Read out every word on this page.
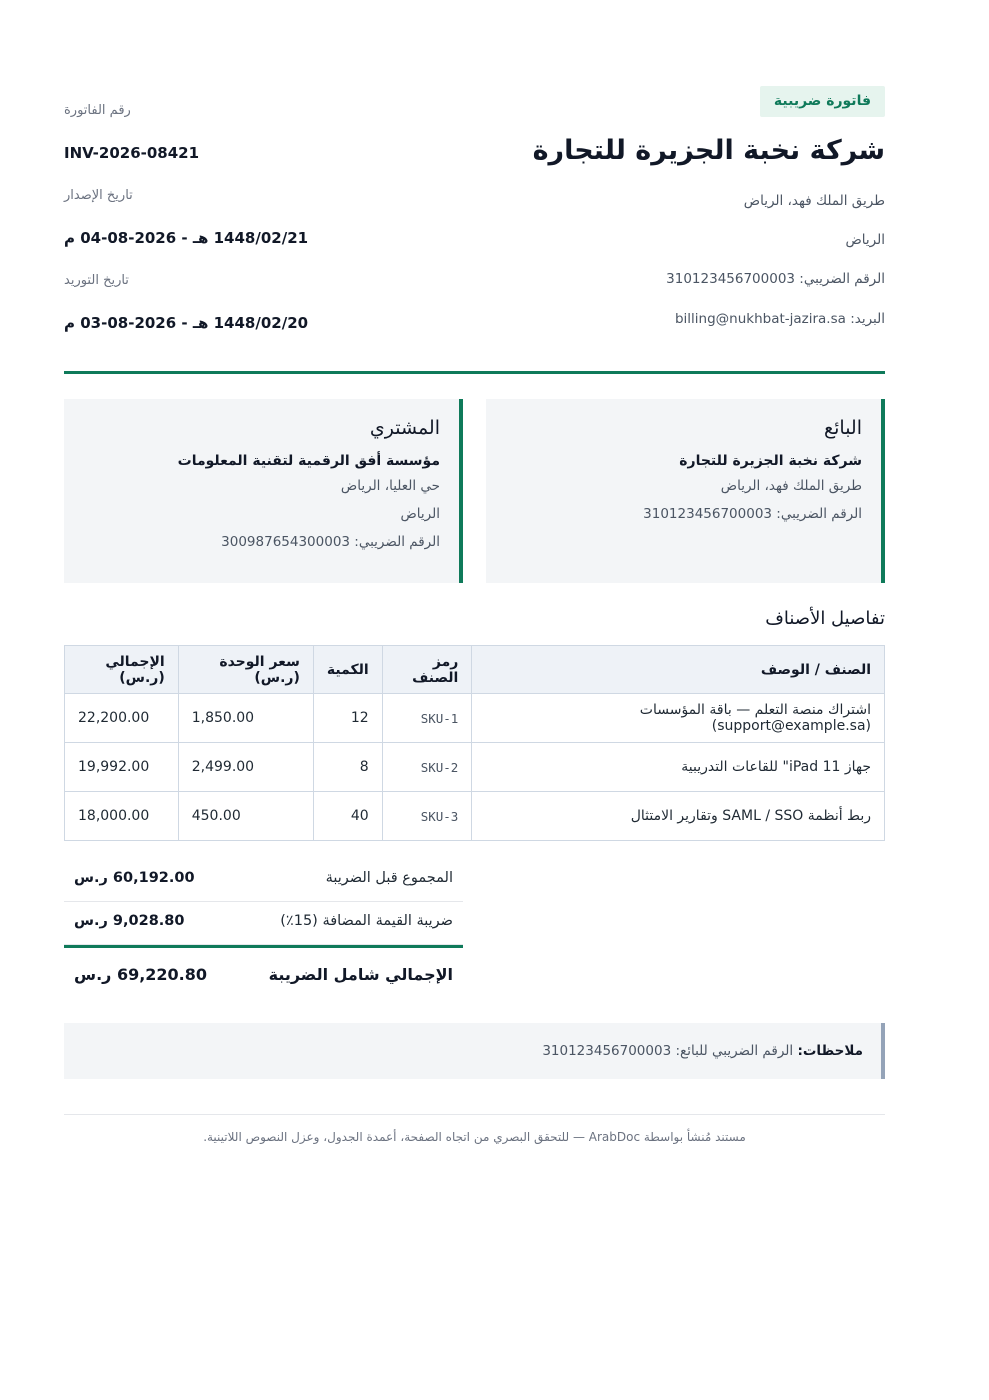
فاتورة ضريبية
شركة نخبة الجزيرة للتجارة
طريق الملك فهد، الرياض
الرياض
الرقم الضريبي: 310123456700003
البريد: billing@nukhbat-jazira.sa
رقم الفاتورة
INV-2026-08421
تاريخ الإصدار
1448/02/21 هـ - 2026-08-04 م
تاريخ التوريد
1448/02/20 هـ - 2026-08-03 م
البائع
شركة نخبة الجزيرة للتجارة
طريق الملك فهد، الرياض
الرقم الضريبي: 310123456700003
المشتري
مؤسسة أفق الرقمية لتقنية المعلومات
حي العليا، الرياض
الرياض
الرقم الضريبي: 300987654300003
تفاصيل الأصناف
الصنف / الوصف	رمز الصنف	الكمية	سعر الوحدة (ر.س)	الإجمالي (ر.س)
اشتراك منصة التعلم — باقة المؤسسات (support@example.sa)	SKU-1	12	1,850.00	22,200.00
جهاز iPad 11" للقاعات التدريبية	SKU-2	8	2,499.00	19,992.00
ربط أنظمة SAML / SSO وتقارير الامتثال	SKU-3	40	450.00	18,000.00
المجموع قبل الضريبة
60,192.00 ر.س
ضريبة القيمة المضافة (15٪)
9,028.80 ر.س
الإجمالي شامل الضريبة
69,220.80 ر.س
ملاحظات: الرقم الضريبي للبائع: 310123456700003
مستند مُنشأ بواسطة ArabDoc — للتحقق البصري من اتجاه الصفحة، أعمدة الجدول، وعزل النصوص اللاتينية.
